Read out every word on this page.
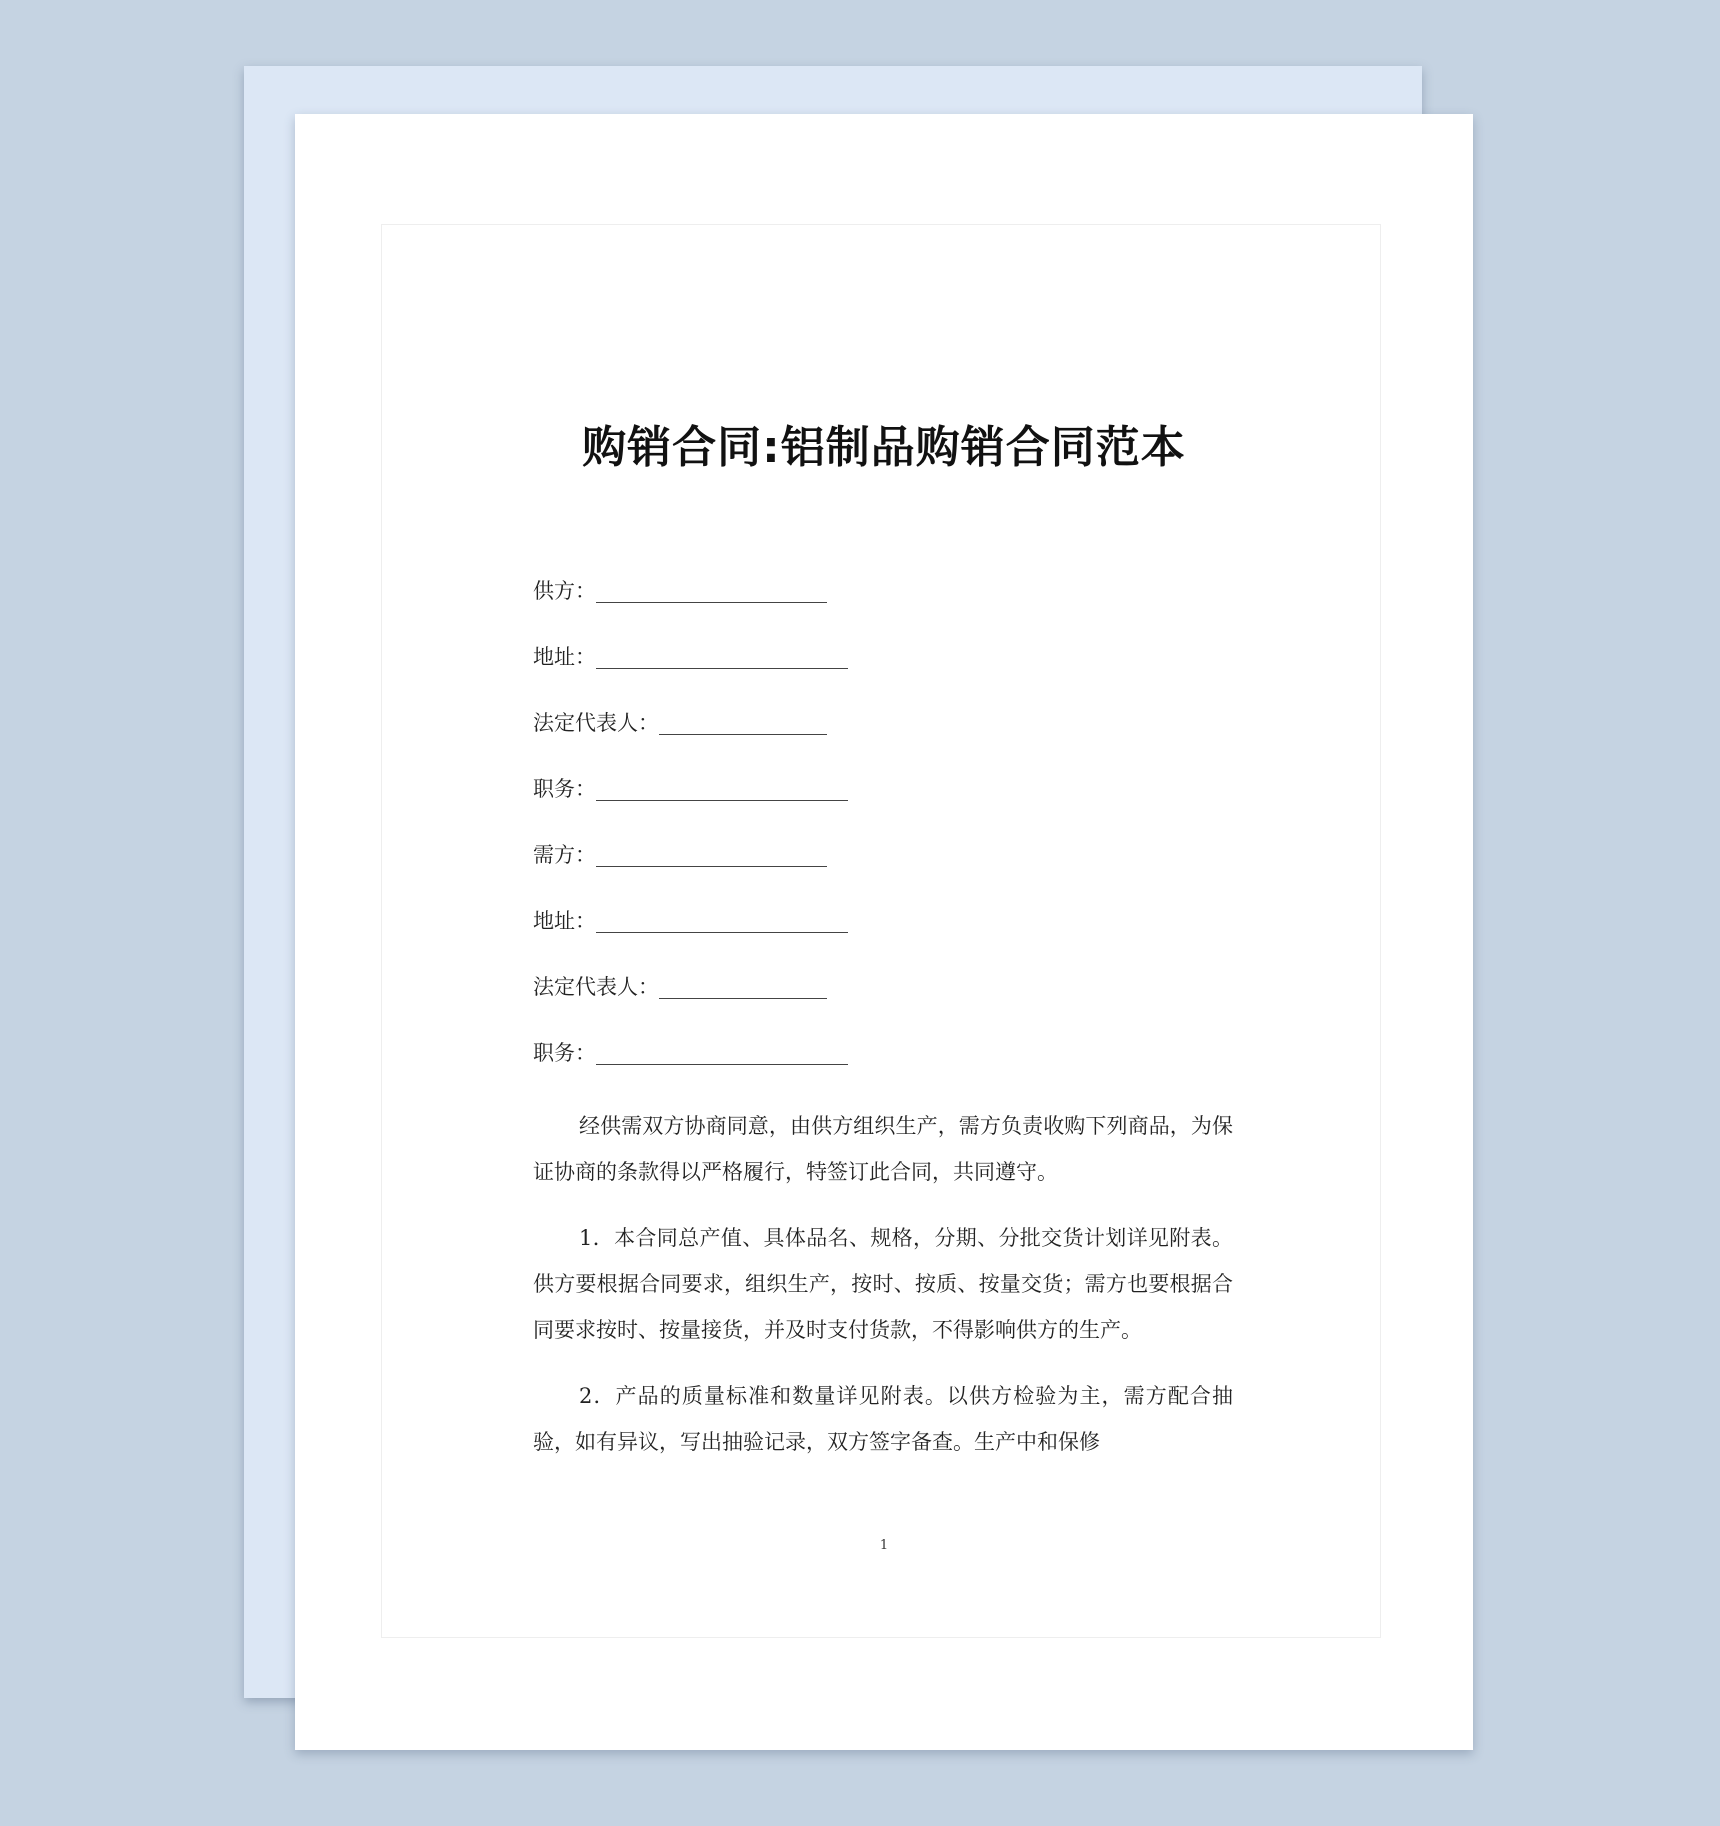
购销合同:铝制品购销合同范本
供方：______________________
地址：________________________
法定代表人：________________
职务：________________________
需方：______________________
地址：________________________
法定代表人：________________
职务：________________________

经供需双方协商同意，由供方组织生产，需方负责收购下列商品，为保证协商的条款得以严格履行，特签订此合同，共同遵守。

1．本合同总产值、具体品名、规格，分期、分批交货计划详见附表。供方要根据合同要求，组织生产，按时、按质、按量交货；需方也要根据合同要求按时、按量接货，并及时支付货款，不得影响供方的生产。

2．产品的质量标准和数量详见附表。以供方检验为主，需方配合抽验，如有异议，写出抽验记录，双方签字备查。生产中和保修

1
